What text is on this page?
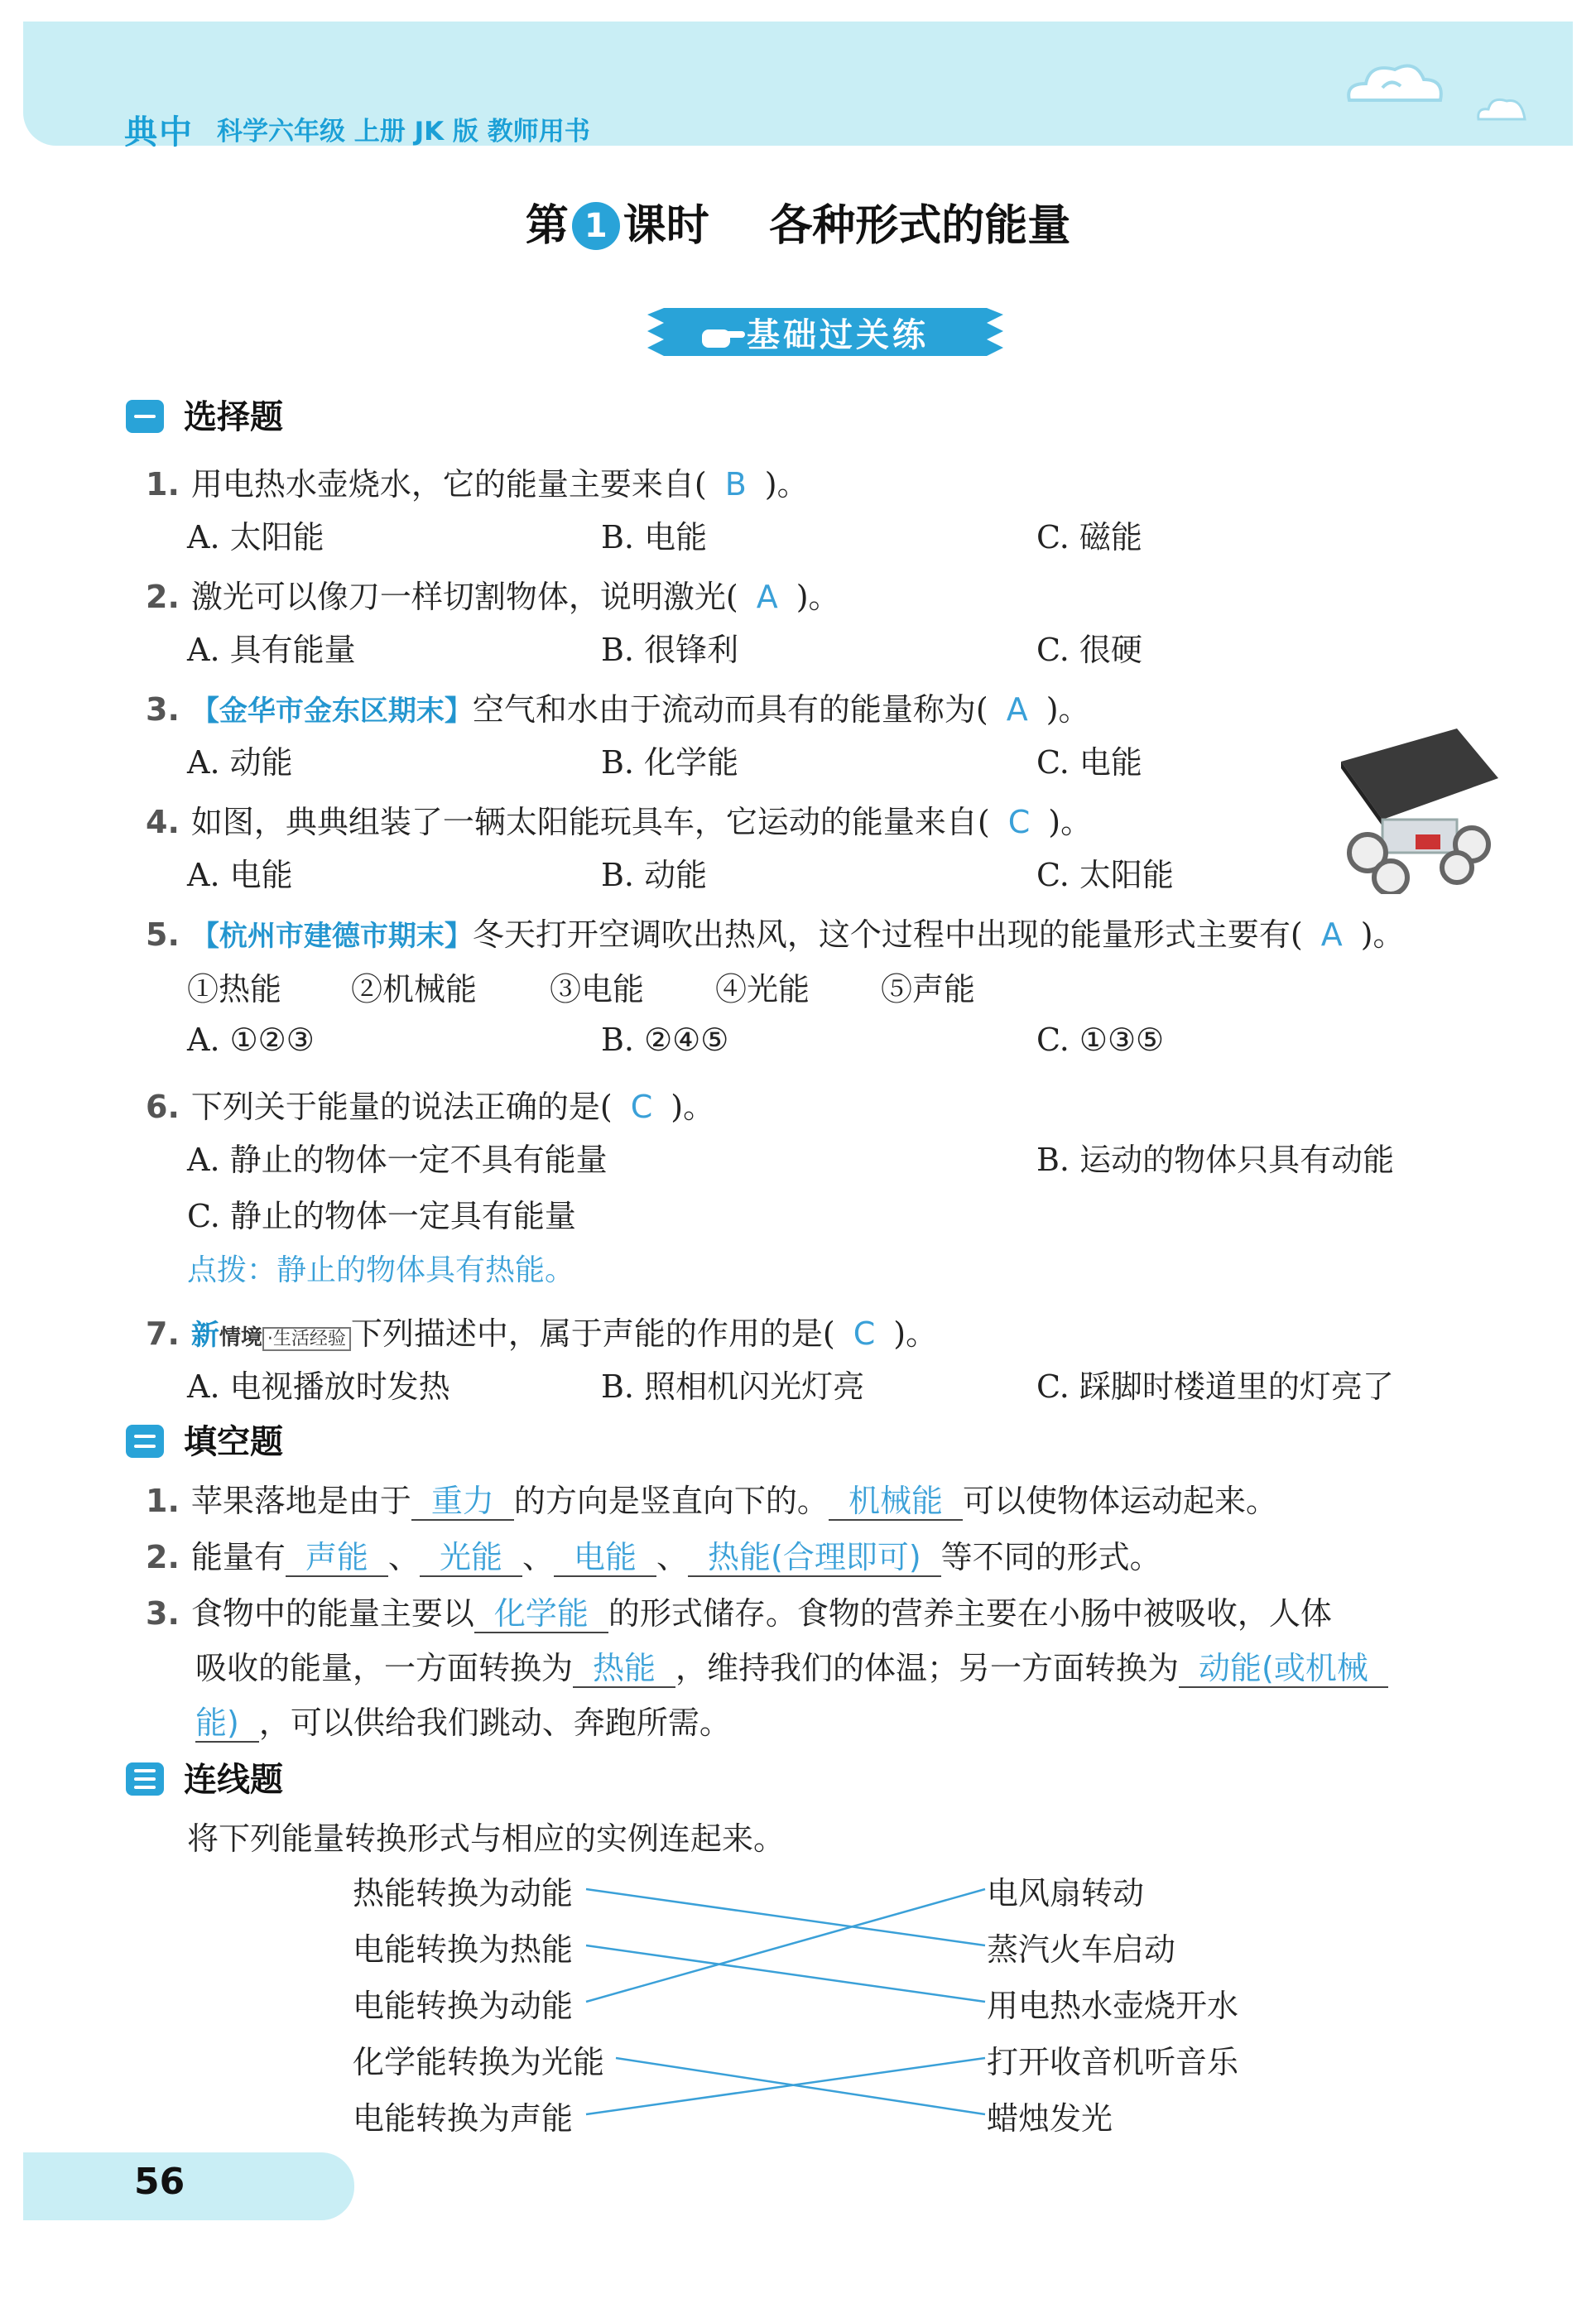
典中 科学六年级 上册 JK 版 教师用书
第 1 课时    各种形式的能量
基础过关练
选择题
1. 用电热水壶烧水，它的能量主要来自( B )。
A. 太阳能	B. 电能	C. 磁能
2. 激光可以像刀一样切割物体，说明激光( A )。
A. 具有能量	B. 很锋利	C. 很硬
3. 【金华市金东区期末】空气和水由于流动而具有的能量称为( A )。
A. 动能	B. 化学能	C. 电能
4. 如图，典典组装了一辆太阳能玩具车，它运动的能量来自( C )。
A. 电能	B. 动能	C. 太阳能
5. 【杭州市建德市期末】冬天打开空调吹出热风，这个过程中出现的能量形式主要有( A )。
①热能 ②机械能 ③电能 ④光能 ⑤声能
A. ①②③	B. ②④⑤	C. ①③⑤
6. 下列关于能量的说法正确的是( C )。
A. 静止的物体一定不具有能量	B. 运动的物体只具有动能
C. 静止的物体一定具有能量
点拨：静止的物体具有热能。
7. 新情境 ·生活经验 下列描述中，属于声能的作用的是( C )。
A. 电视播放时发热	B. 照相机闪光灯亮	C. 踩脚时楼道里的灯亮了
填空题
1. 苹果落地是由于 重力 的方向是竖直向下的。 机械能 可以使物体运动起来。
2. 能量有 声能 、 光能 、 电能 、 热能(合理即可) 等不同的形式。
3. 食物中的能量主要以 化学能 的形式储存。食物的营养主要在小肠中被吸收，人体
吸收的能量，一方面转换为 热能 ，维持我们的体温；另一方面转换为 动能(或机械
能) ，可以供给我们跳动、奔跑所需。
连线题
将下列能量转换形式与相应的实例连起来。
热能转换为动能
电能转换为热能
电能转换为动能
化学能转换为光能
电能转换为声能
电风扇转动
蒸汽火车启动
用电热水壶烧开水
打开收音机听音乐
蜡烛发光
56
